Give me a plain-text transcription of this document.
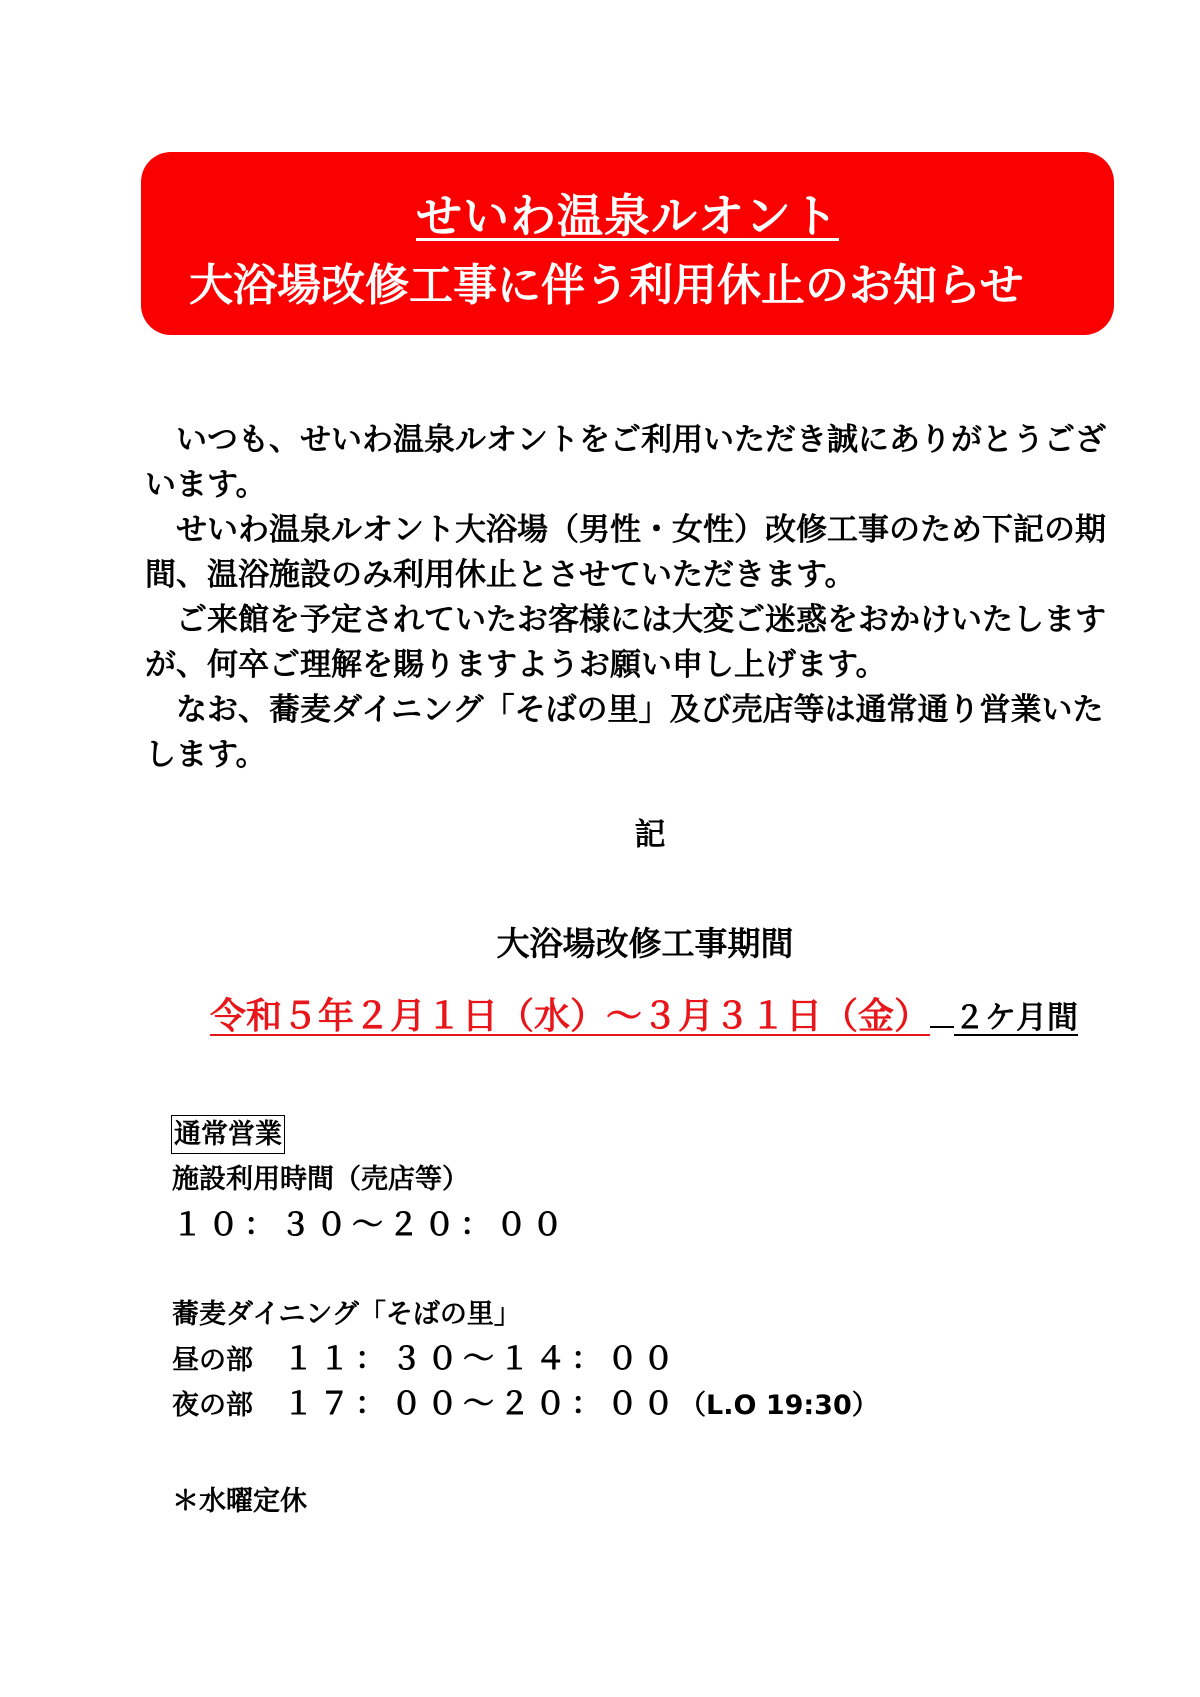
せいわ温泉ルオント
大浴場改修工事に伴う利用休止のお知らせ

いつも、せいわ温泉ルオントをご利用いただき誠にありがとうございます。

せいわ温泉ルオント大浴場（男性・女性）改修工事のため下記の期間、温浴施設のみ利用休止とさせていただきます。

ご来館を予定されていたお客様には大変ご迷惑をおかけいたしますが、何卒ご理解を賜りますようお願い申し上げます。

なお、蕎麦ダイニング「そばの里」及び売店等は通常通り営業いたします。

記
大浴場改修工事期間
令和５年２月１日（水）～３月３１日（金） ２ケ月間
通常営業
施設利用時間（売店等）
１０：３０～２０：００
蕎麦ダイニング「そばの里」
昼の部 １１：３０～１４：００
夜の部 １７：００～２０：００（L.O 19:30）
＊水曜定休
